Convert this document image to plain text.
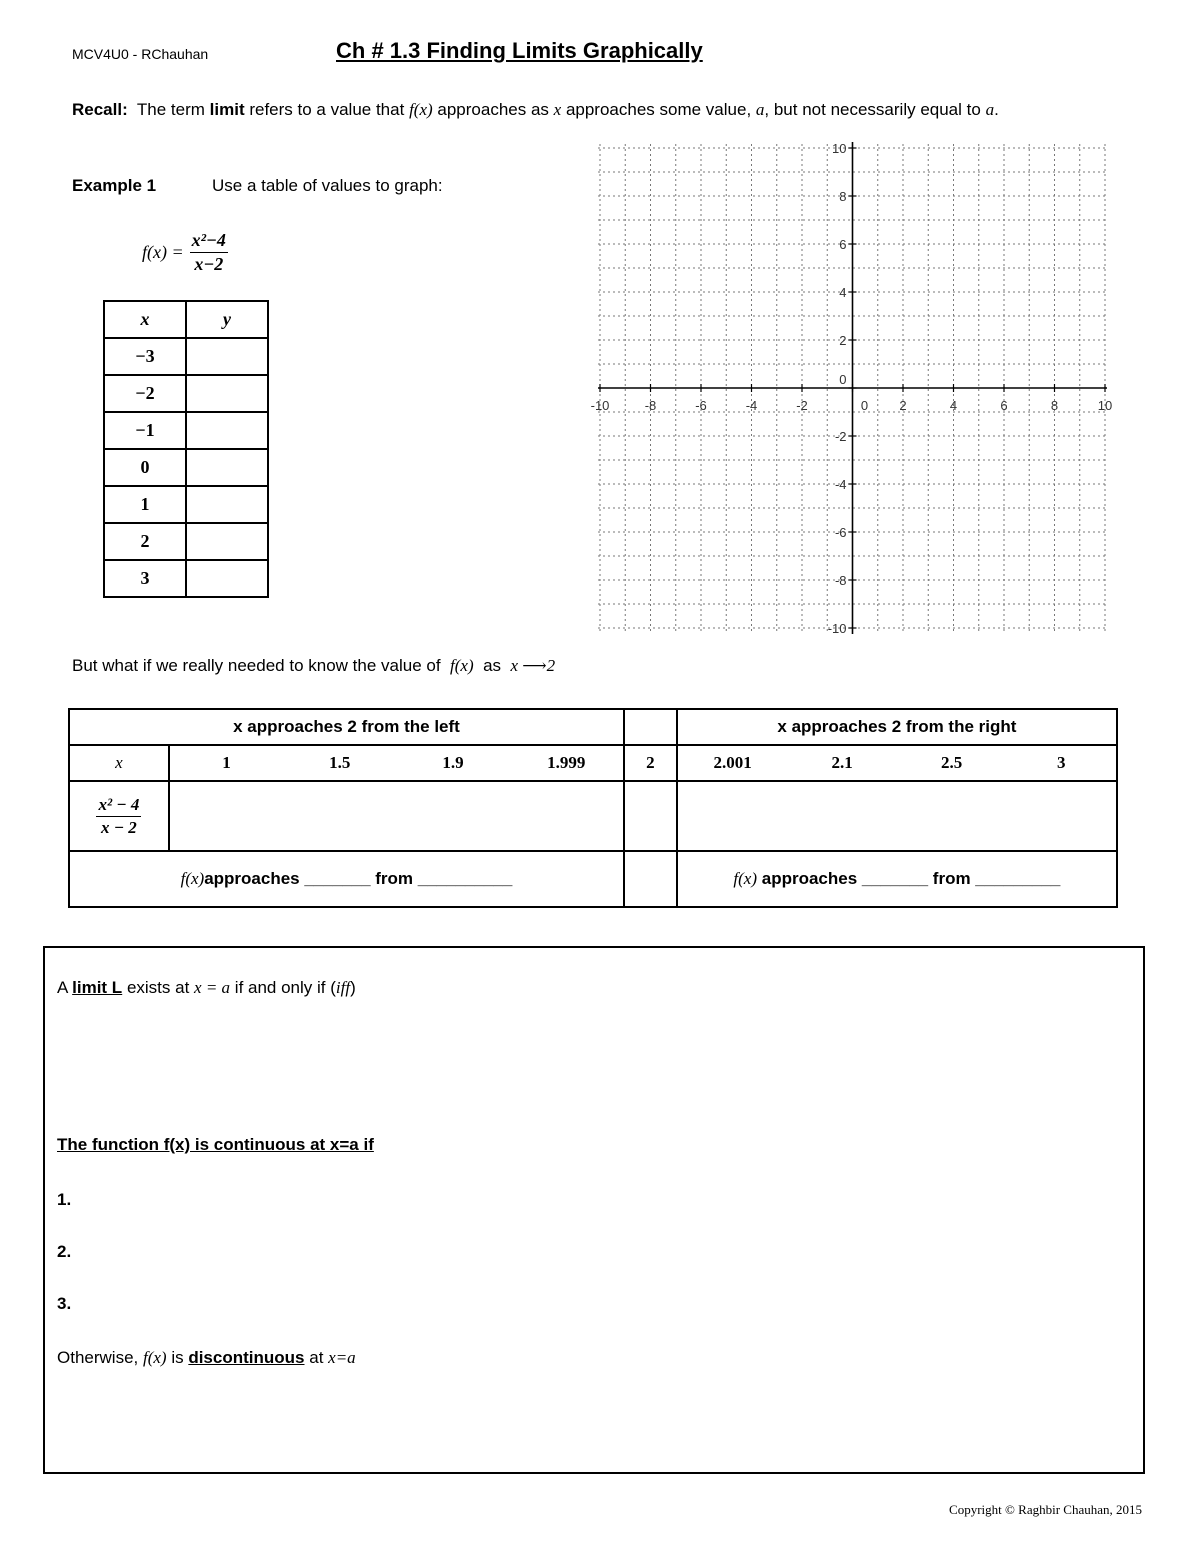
MCV4U0 - RChauhan	Ch # 1.3 Finding Limits Graphically
Recall: The term limit refers to a value that f(x) approaches as x approaches some value, a, but not necessarily equal to a.
Example 1	Use a table of values to graph:
$f(x) = \frac{\text{x²−4}}{x-2}$
x	y
−3	
−2	
−1	
0	
1	
2	
3	
-10	-8	-6	-4	-2	0 2	4	6	8	10
10
8
6
4
2
0
-2
-4
-6
-8
-10
But what if we really needed to know the value of f(x) as x ⟶2
x approaches 2 from the left			x approaches 2 from the right
x	1 1.5 1.9 1.999	2	2.001 2.1 2.5 3

$\frac{\text{x² − 4}}{x - 2}$

f(x)approaches _______ from __________			f(x) approaches _______ from _________
A limit L exists at x = a if and only if (iff)
The function f(x) is continuous at x=a if
1.
2.
3.
Otherwise, f(x) is discontinuous at x=a
Copyright © Raghbir Chauhan, 2015
